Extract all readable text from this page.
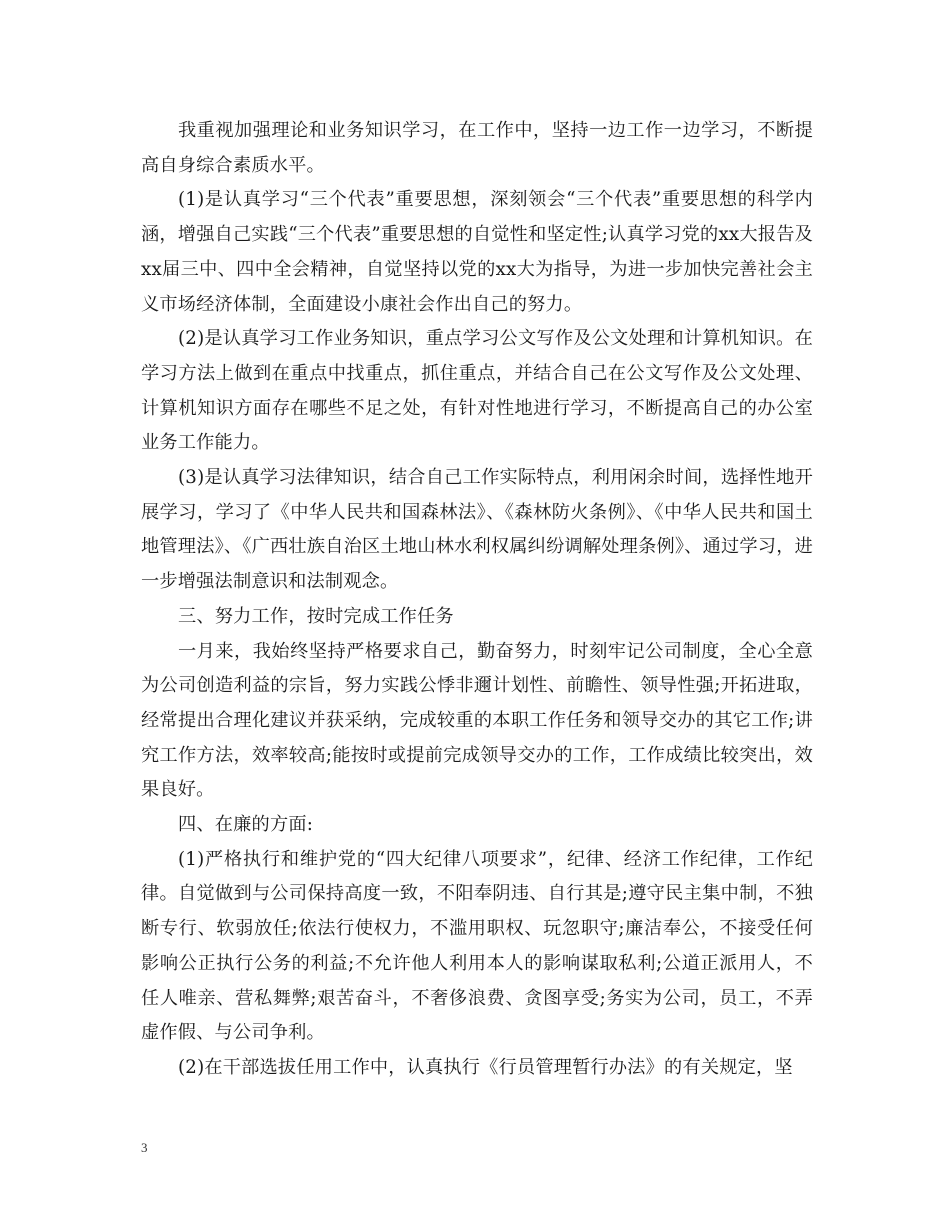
我重视加强理论和业务知识学习，在工作中，坚持一边工作一边学习，不断提高自身综合素质水平。

(1)是认真学习“三个代表”重要思想，深刻领会“三个代表”重要思想的科学内涵，增强自己实践“三个代表”重要思想的自觉性和坚定性;认真学习党的xx大报告及xx届三中、四中全会精神，自觉坚持以党的xx大为指导，为进一步加快完善社会主义市场经济体制，全面建设小康社会作出自己的努力。

(2)是认真学习工作业务知识，重点学习公文写作及公文处理和计算机知识。在学习方法上做到在重点中找重点，抓住重点，并结合自己在公文写作及公文处理、计算机知识方面存在哪些不足之处，有针对性地进行学习，不断提高自己的办公室业务工作能力。

(3)是认真学习法律知识，结合自己工作实际特点，利用闲余时间，选择性地开展学习，学习了《中华人民共和国森林法》、《森林防火条例》、《中华人民共和国土地管理法》、《广西壮族自治区土地山林水利权属纠纷调解处理条例》、通过学习，进一步增强法制意识和法制观念。

三、努力工作，按时完成工作任务

一月来，我始终坚持严格要求自己，勤奋努力，时刻牢记公司制度，全心全意为公司创造利益的宗旨，努力实践公悸非邇计划性、前瞻性、领导性强;开拓进取，经常提出合理化建议并获采纳，完成较重的本职工作任务和领导交办的其它工作;讲究工作方法，效率较高;能按时或提前完成领导交办的工作，工作成绩比较突出，效果良好。

四、在廉的方面:

(1)严格执行和维护党的“四大纪律八项要求”，纪律、经济工作纪律，工作纪律。自觉做到与公司保持高度一致，不阳奉阴违、自行其是;遵守民主集中制，不独断专行、软弱放任;依法行使权力，不滥用职权、玩忽职守;廉洁奉公，不接受任何影响公正执行公务的利益;不允许他人利用本人的影响谋取私利;公道正派用人，不任人唯亲、营私舞弊;艰苦奋斗，不奢侈浪费、贪图享受;务实为公司，员工，不弄虚作假、与公司争利。

(2)在干部选拔任用工作中，认真执行《行员管理暂行办法》的有关规定，坚

3
